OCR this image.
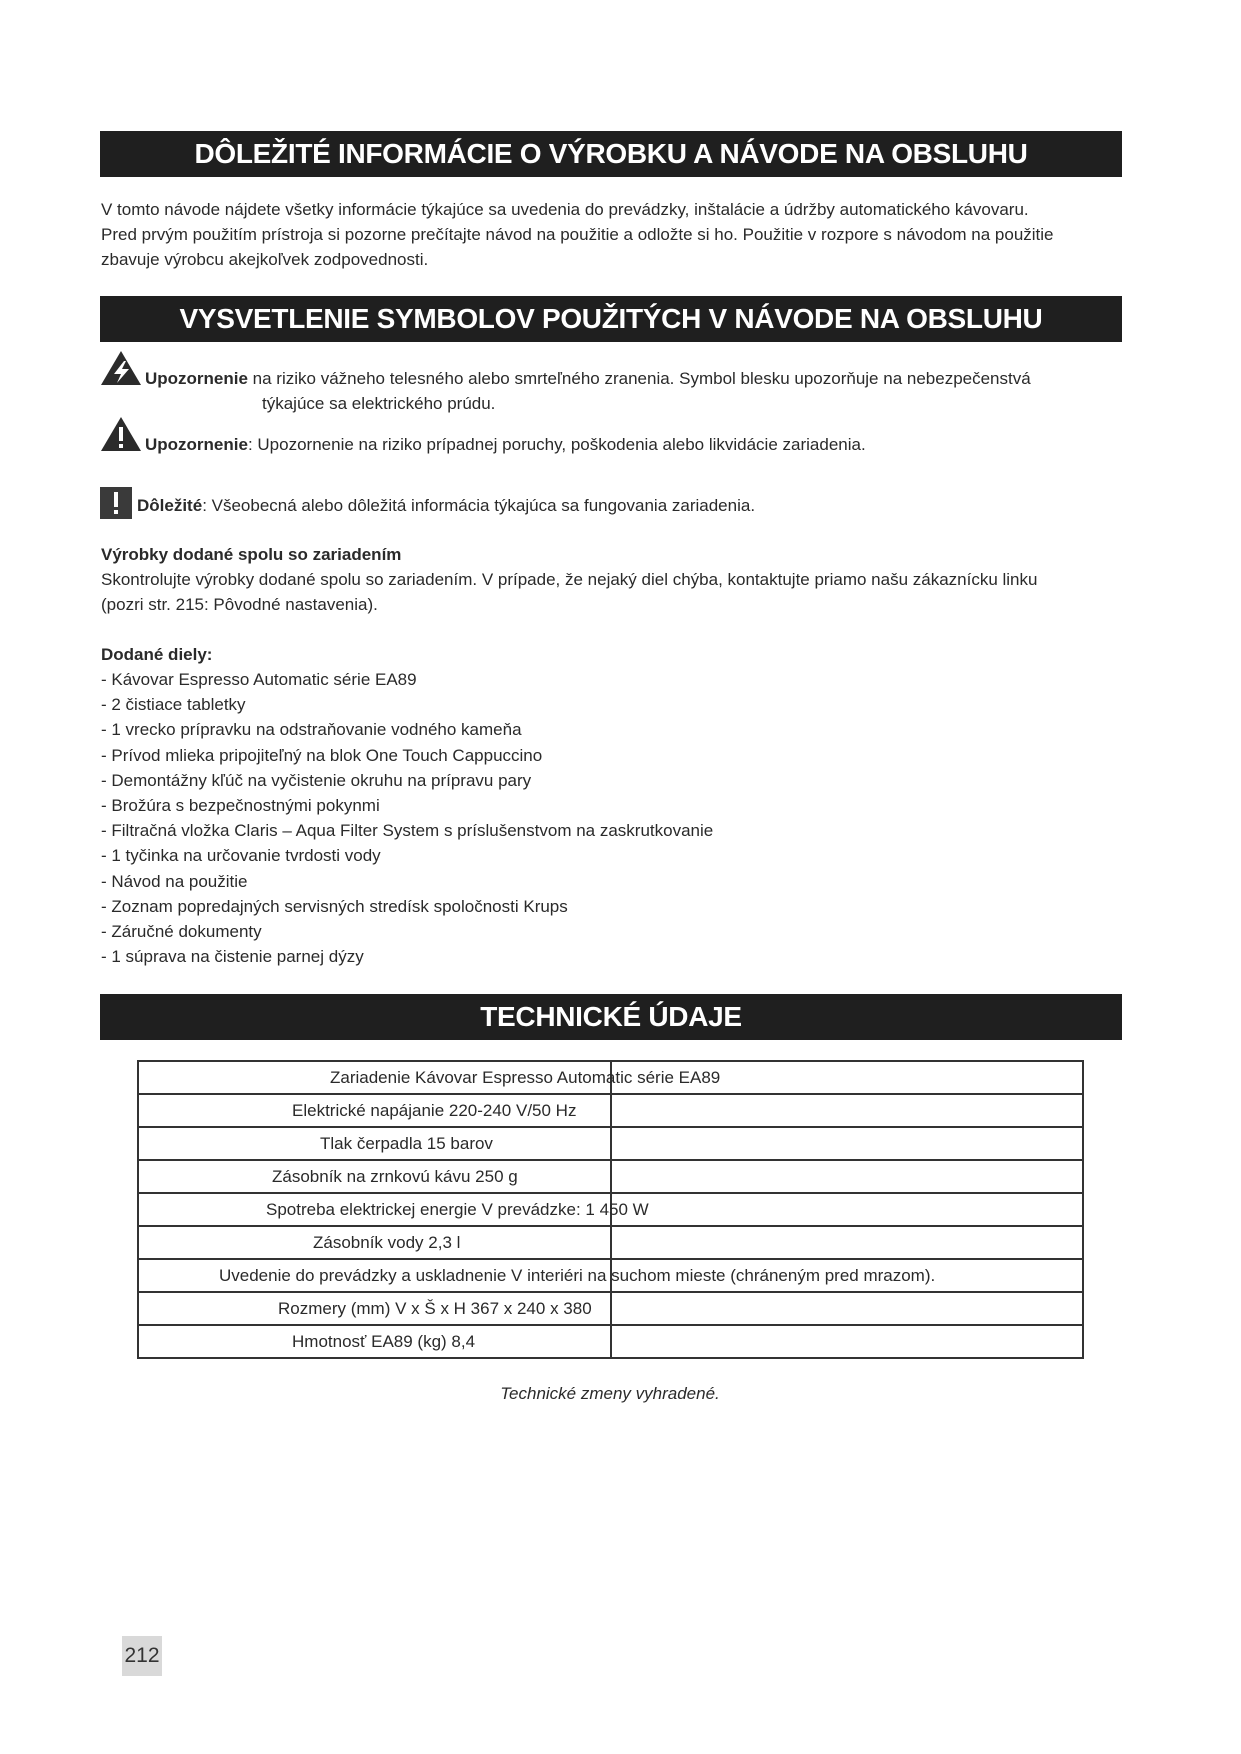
DÔLEŽITÉ INFORMÁCIE O VÝROBKU A NÁVODE NA OBSLUHU
V tomto návode nájdete všetky informácie týkajúce sa uvedenia do prevádzky, inštalácie a údržby automatického kávovaru.
Pred prvým použitím prístroja si pozorne prečítajte návod na použitie a odložte si ho. Použitie v rozpore s návodom na použitie
zbavuje výrobcu akejkoľvek zodpovednosti.
VYSVETLENIE SYMBOLOV POUŽITÝCH V NÁVODE NA OBSLUHU
Upozornenie na riziko vážneho telesného alebo smrteľného zranenia. Symbol blesku upozorňuje na nebezpečenstvá
týkajúce sa elektrického prúdu.
Upozornenie: Upozornenie na riziko prípadnej poruchy, poškodenia alebo likvidácie zariadenia.
Dôležité: Všeobecná alebo dôležitá informácia týkajúca sa fungovania zariadenia.
Výrobky dodané spolu so zariadením
Skontrolujte výrobky dodané spolu so zariadením. V prípade, že nejaký diel chýba, kontaktujte priamo našu zákaznícku linku
(pozri str. 215: Pôvodné nastavenia).
Dodané diely:
- Kávovar Espresso Automatic série EA89
- 2 čistiace tabletky
- 1 vrecko prípravku na odstraňovanie vodného kameňa
- Prívod mlieka pripojiteľný na blok One Touch Cappuccino
- Demontážny kľúč na vyčistenie okruhu na prípravu pary
- Brožúra s bezpečnostnými pokynmi
- Filtračná vložka Claris – Aqua Filter System s príslušenstvom na zaskrutkovanie
- 1 tyčinka na určovanie tvrdosti vody
- Návod na použitie
- Zoznam popredajných servisných stredísk spoločnosti Krups
- Záručné dokumenty
- 1 súprava na čistenie parnej dýzy
TECHNICKÉ ÚDAJE
Zariadenie Kávovar Espresso Automatic série EA89	

Elektrické napájanie 220-240 V/50 Hz	

Tlak čerpadla 15 barov	

Zásobník na zrnkovú kávu 250 g	

Spotreba elektrickej energie V prevádzke: 1 450 W	

Zásobník vody 2,3 l	

Uvedenie do prevádzky a uskladnenie V interiéri na suchom mieste (chráneným pred mrazom).	

Rozmery (mm) V x Š x H 367 x 240 x 380	

Hmotnosť EA89 (kg) 8,4	

Technické zmeny vyhradené.
212
